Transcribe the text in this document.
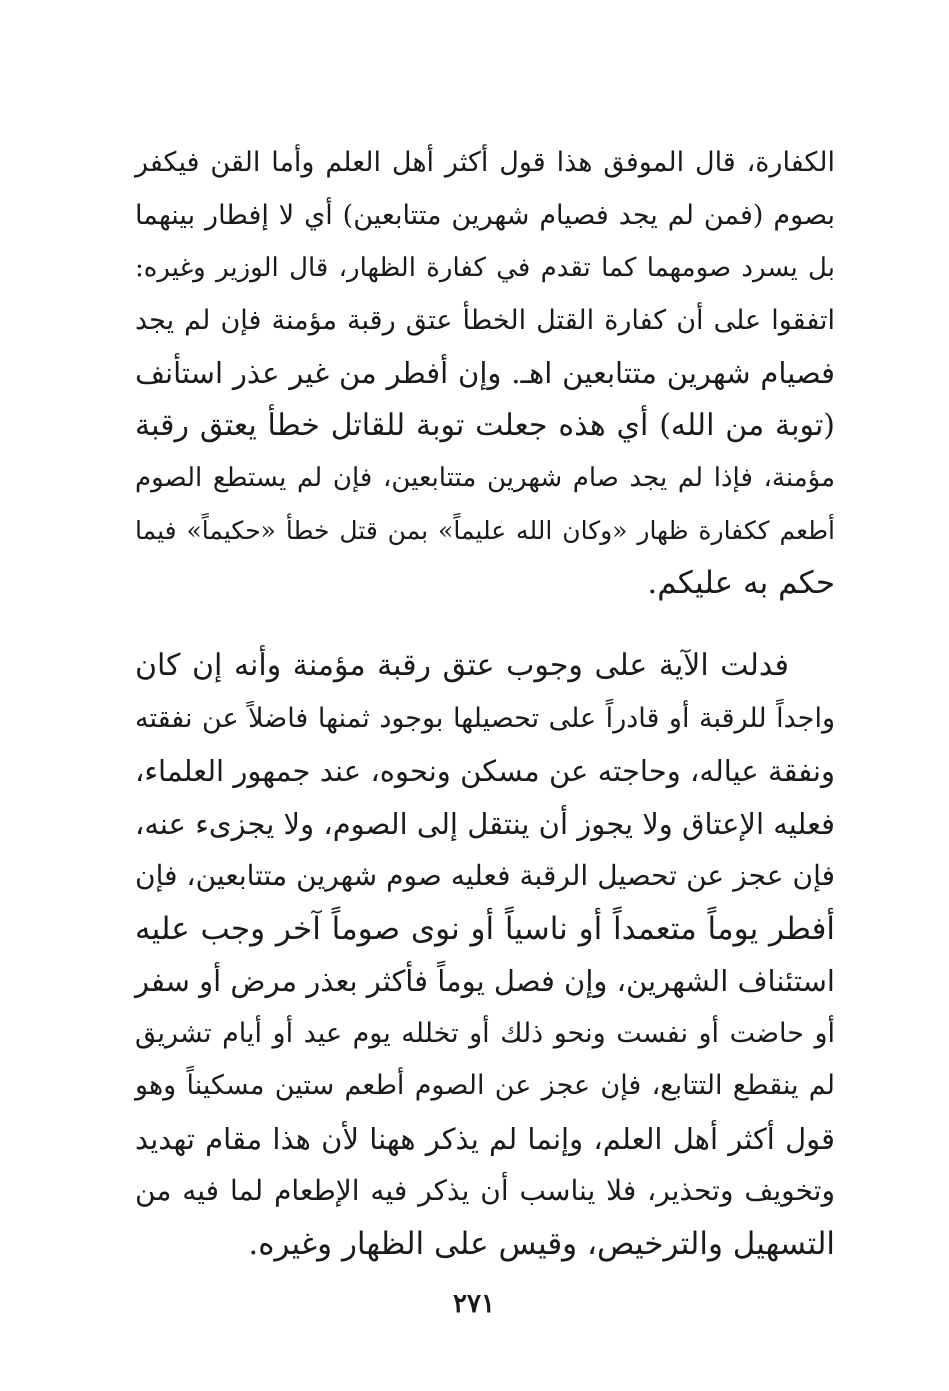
الكفارة، قال الموفق هذا قول أكثر أهل العلم وأما القن فيكفر
بصوم (فمن لم يجد فصيام شهرين متتابعين) أي لا إفطار بينهما
بل يسرد صومهما كما تقدم في كفارة الظهار، قال الوزير وغيره:
اتفقوا على أن كفارة القتل الخطأ عتق رقبة مؤمنة فإن لم يجد
فصيام شهرين متتابعين اهـ. وإن أفطر من غير عذر استأنف
(توبة من الله) أي هذه جعلت توبة للقاتل خطأ يعتق رقبة
مؤمنة، فإذا لم يجد صام شهرين متتابعين، فإن لم يستطع الصوم
أطعم ككفارة ظهار «وكان الله عليماً» بمن قتل خطأ «حكيماً» فيما
حكم به عليكم.
فدلت الآية على وجوب عتق رقبة مؤمنة وأنه إن كان
واجداً للرقبة أو قادراً على تحصيلها بوجود ثمنها فاضلاً عن نفقته
ونفقة عياله، وحاجته عن مسكن ونحوه، عند جمهور العلماء،
فعليه الإعتاق ولا يجوز أن ينتقل إلى الصوم، ولا يجزىء عنه،
فإن عجز عن تحصيل الرقبة فعليه صوم شهرين متتابعين، فإن
أفطر يوماً متعمداً أو ناسياً أو نوى صوماً آخر وجب عليه
استئناف الشهرين، وإن فصل يوماً فأكثر بعذر مرض أو سفر
أو حاضت أو نفست ونحو ذلك أو تخلله يوم عيد أو أيام تشريق
لم ينقطع التتابع، فإن عجز عن الصوم أطعم ستين مسكيناً وهو
قول أكثر أهل العلم، وإنما لم يذكر ههنا لأن هذا مقام تهديد
وتخويف وتحذير، فلا يناسب أن يذكر فيه الإطعام لما فيه من
التسهيل والترخيص، وقيس على الظهار وغيره.
٢٧١
